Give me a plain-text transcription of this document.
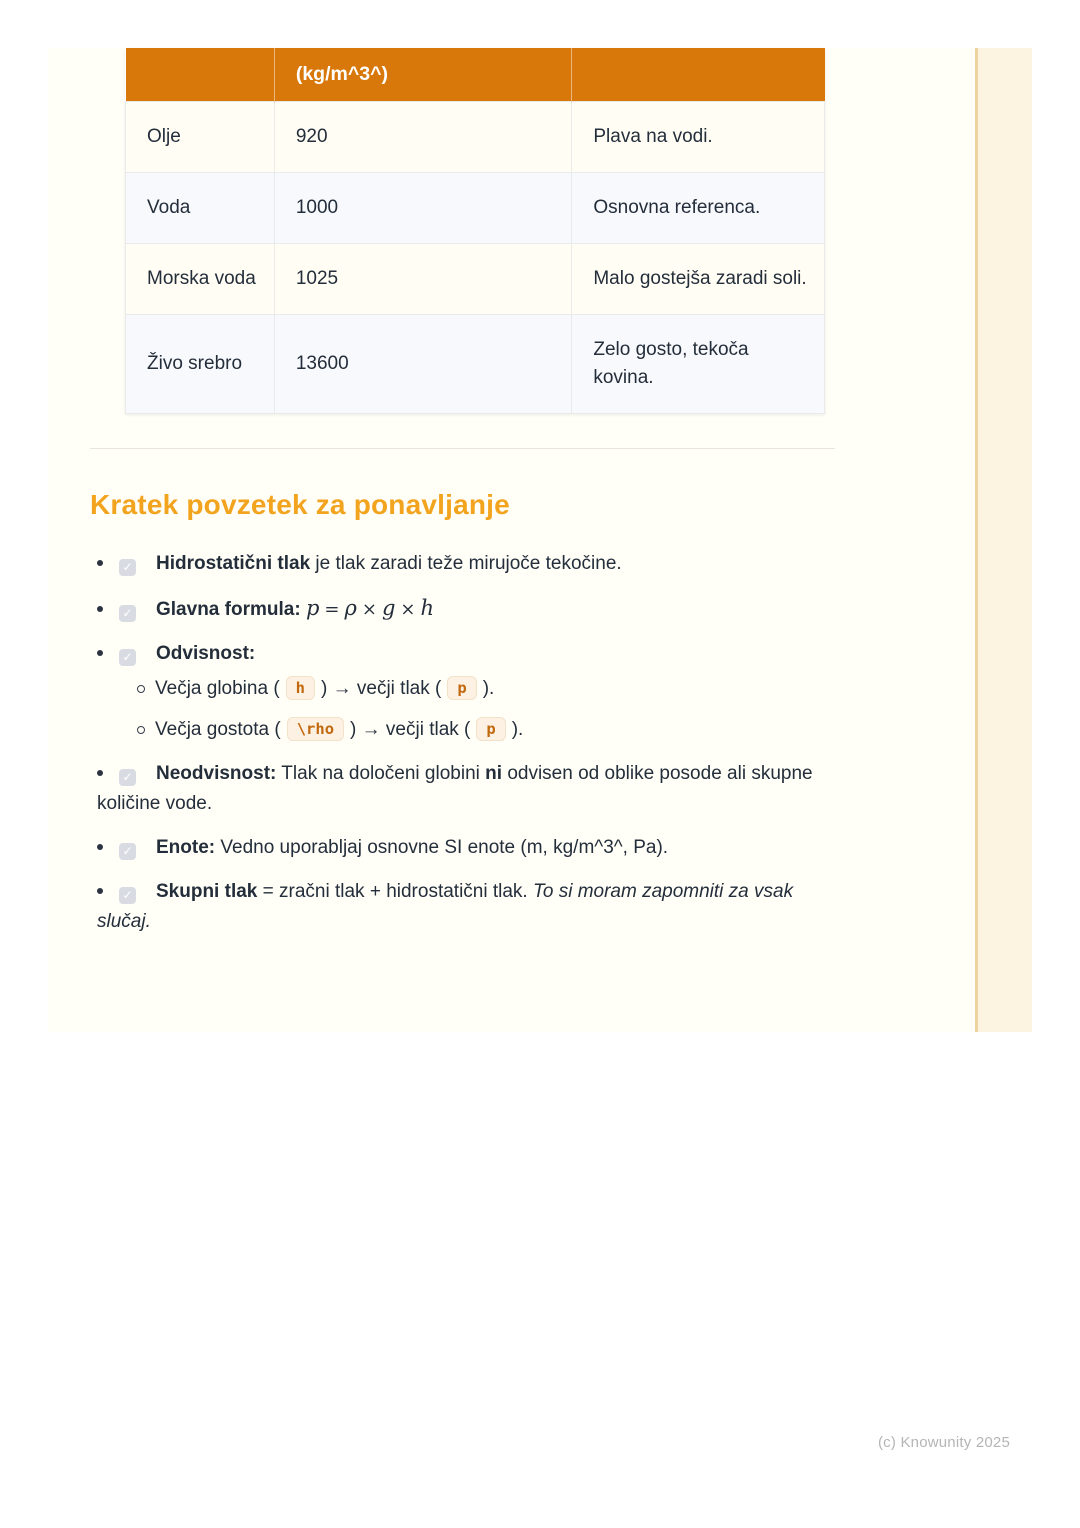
	(kg/m^3^)	
Olje	920	Plava na vodi.
Voda	1000	Osnovna referenca.
Morska voda	1025	Malo gostejša zaradi soli.
Živo srebro	13600	Zelo gosto, tekoča kovina.
Kratek povzetek za ponavljanje
✓ Hidrostatični tlak je tlak zaradi teže mirujoče tekočine.
✓ Glavna formula: p = ρ × g × h
✓ Odvisnost:
Večja globina ( h ) → večji tlak ( p ).
Večja gostota ( \rho ) → večji tlak ( p ).
✓ Neodvisnost: Tlak na določeni globini ni odvisen od oblike posode ali skupne količine vode.
✓ Enote: Vedno uporabljaj osnovne SI enote (m, kg/m^3^, Pa).
✓ Skupni tlak = zračni tlak + hidrostatični tlak. To si moram zapomniti za vsak slučaj.
(c) Knowunity 2025
